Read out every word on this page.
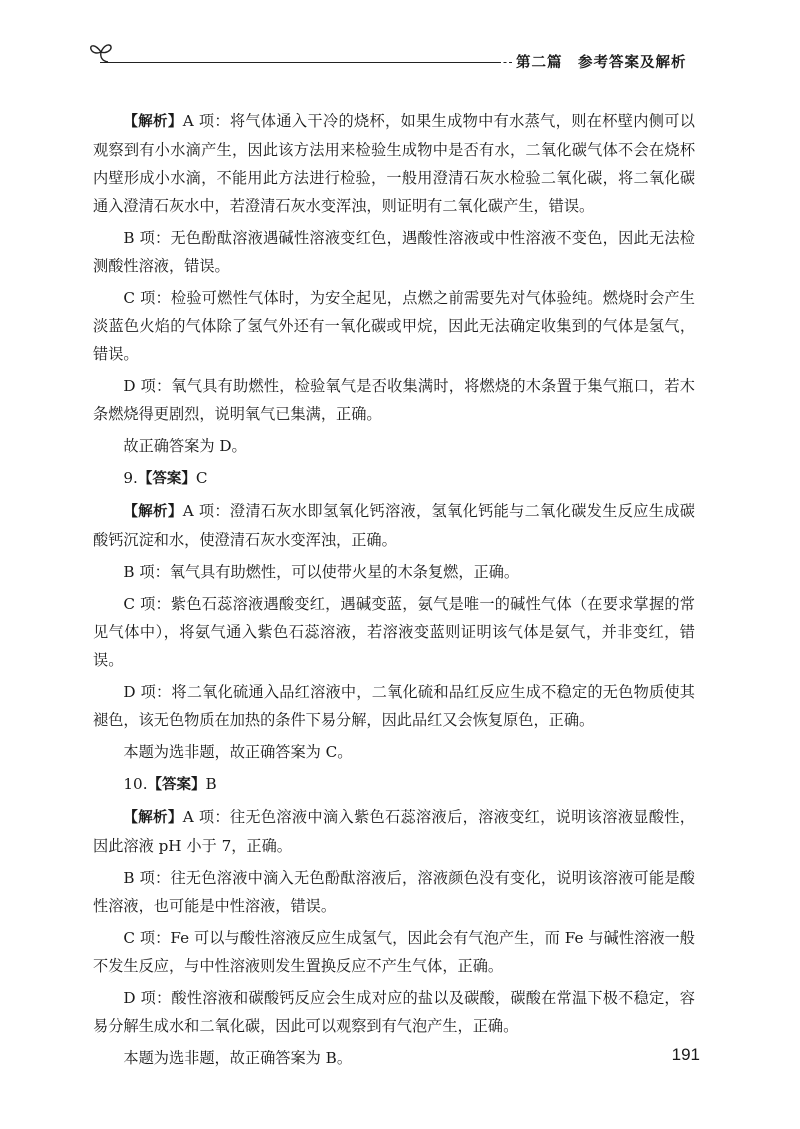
第二篇　参考答案及解析

【解析】A 项：将气体通入干冷的烧杯，如果生成物中有水蒸气，则在杯壁内侧可以观察到有小水滴产生，因此该方法用来检验生成物中是否有水，二氧化碳气体不会在烧杯内壁形成小水滴，不能用此方法进行检验，一般用澄清石灰水检验二氧化碳，将二氧化碳通入澄清石灰水中，若澄清石灰水变浑浊，则证明有二氧化碳产生，错误。

B 项：无色酚酞溶液遇碱性溶液变红色，遇酸性溶液或中性溶液不变色，因此无法检测酸性溶液，错误。

C 项：检验可燃性气体时，为安全起见，点燃之前需要先对气体验纯。燃烧时会产生淡蓝色火焰的气体除了氢气外还有一氧化碳或甲烷，因此无法确定收集到的气体是氢气，错误。

D 项：氧气具有助燃性，检验氧气是否收集满时，将燃烧的木条置于集气瓶口，若木条燃烧得更剧烈，说明氧气已集满，正确。

故正确答案为 D。

9.【答案】C

【解析】A 项：澄清石灰水即氢氧化钙溶液，氢氧化钙能与二氧化碳发生反应生成碳酸钙沉淀和水，使澄清石灰水变浑浊，正确。

B 项：氧气具有助燃性，可以使带火星的木条复燃，正确。

C 项：紫色石蕊溶液遇酸变红，遇碱变蓝，氨气是唯一的碱性气体（在要求掌握的常见气体中），将氨气通入紫色石蕊溶液，若溶液变蓝则证明该气体是氨气，并非变红，错误。

D 项：将二氧化硫通入品红溶液中，二氧化硫和品红反应生成不稳定的无色物质使其褪色，该无色物质在加热的条件下易分解，因此品红又会恢复原色，正确。

本题为选非题，故正确答案为 C。

10.【答案】B

【解析】A 项：往无色溶液中滴入紫色石蕊溶液后，溶液变红，说明该溶液显酸性，因此溶液 pH 小于 7，正确。

B 项：往无色溶液中滴入无色酚酞溶液后，溶液颜色没有变化，说明该溶液可能是酸性溶液，也可能是中性溶液，错误。

C 项：Fe 可以与酸性溶液反应生成氢气，因此会有气泡产生，而 Fe 与碱性溶液一般不发生反应，与中性溶液则发生置换反应不产生气体，正确。

D 项：酸性溶液和碳酸钙反应会生成对应的盐以及碳酸，碳酸在常温下极不稳定，容易分解生成水和二氧化碳，因此可以观察到有气泡产生，正确。

本题为选非题，故正确答案为 B。	191
